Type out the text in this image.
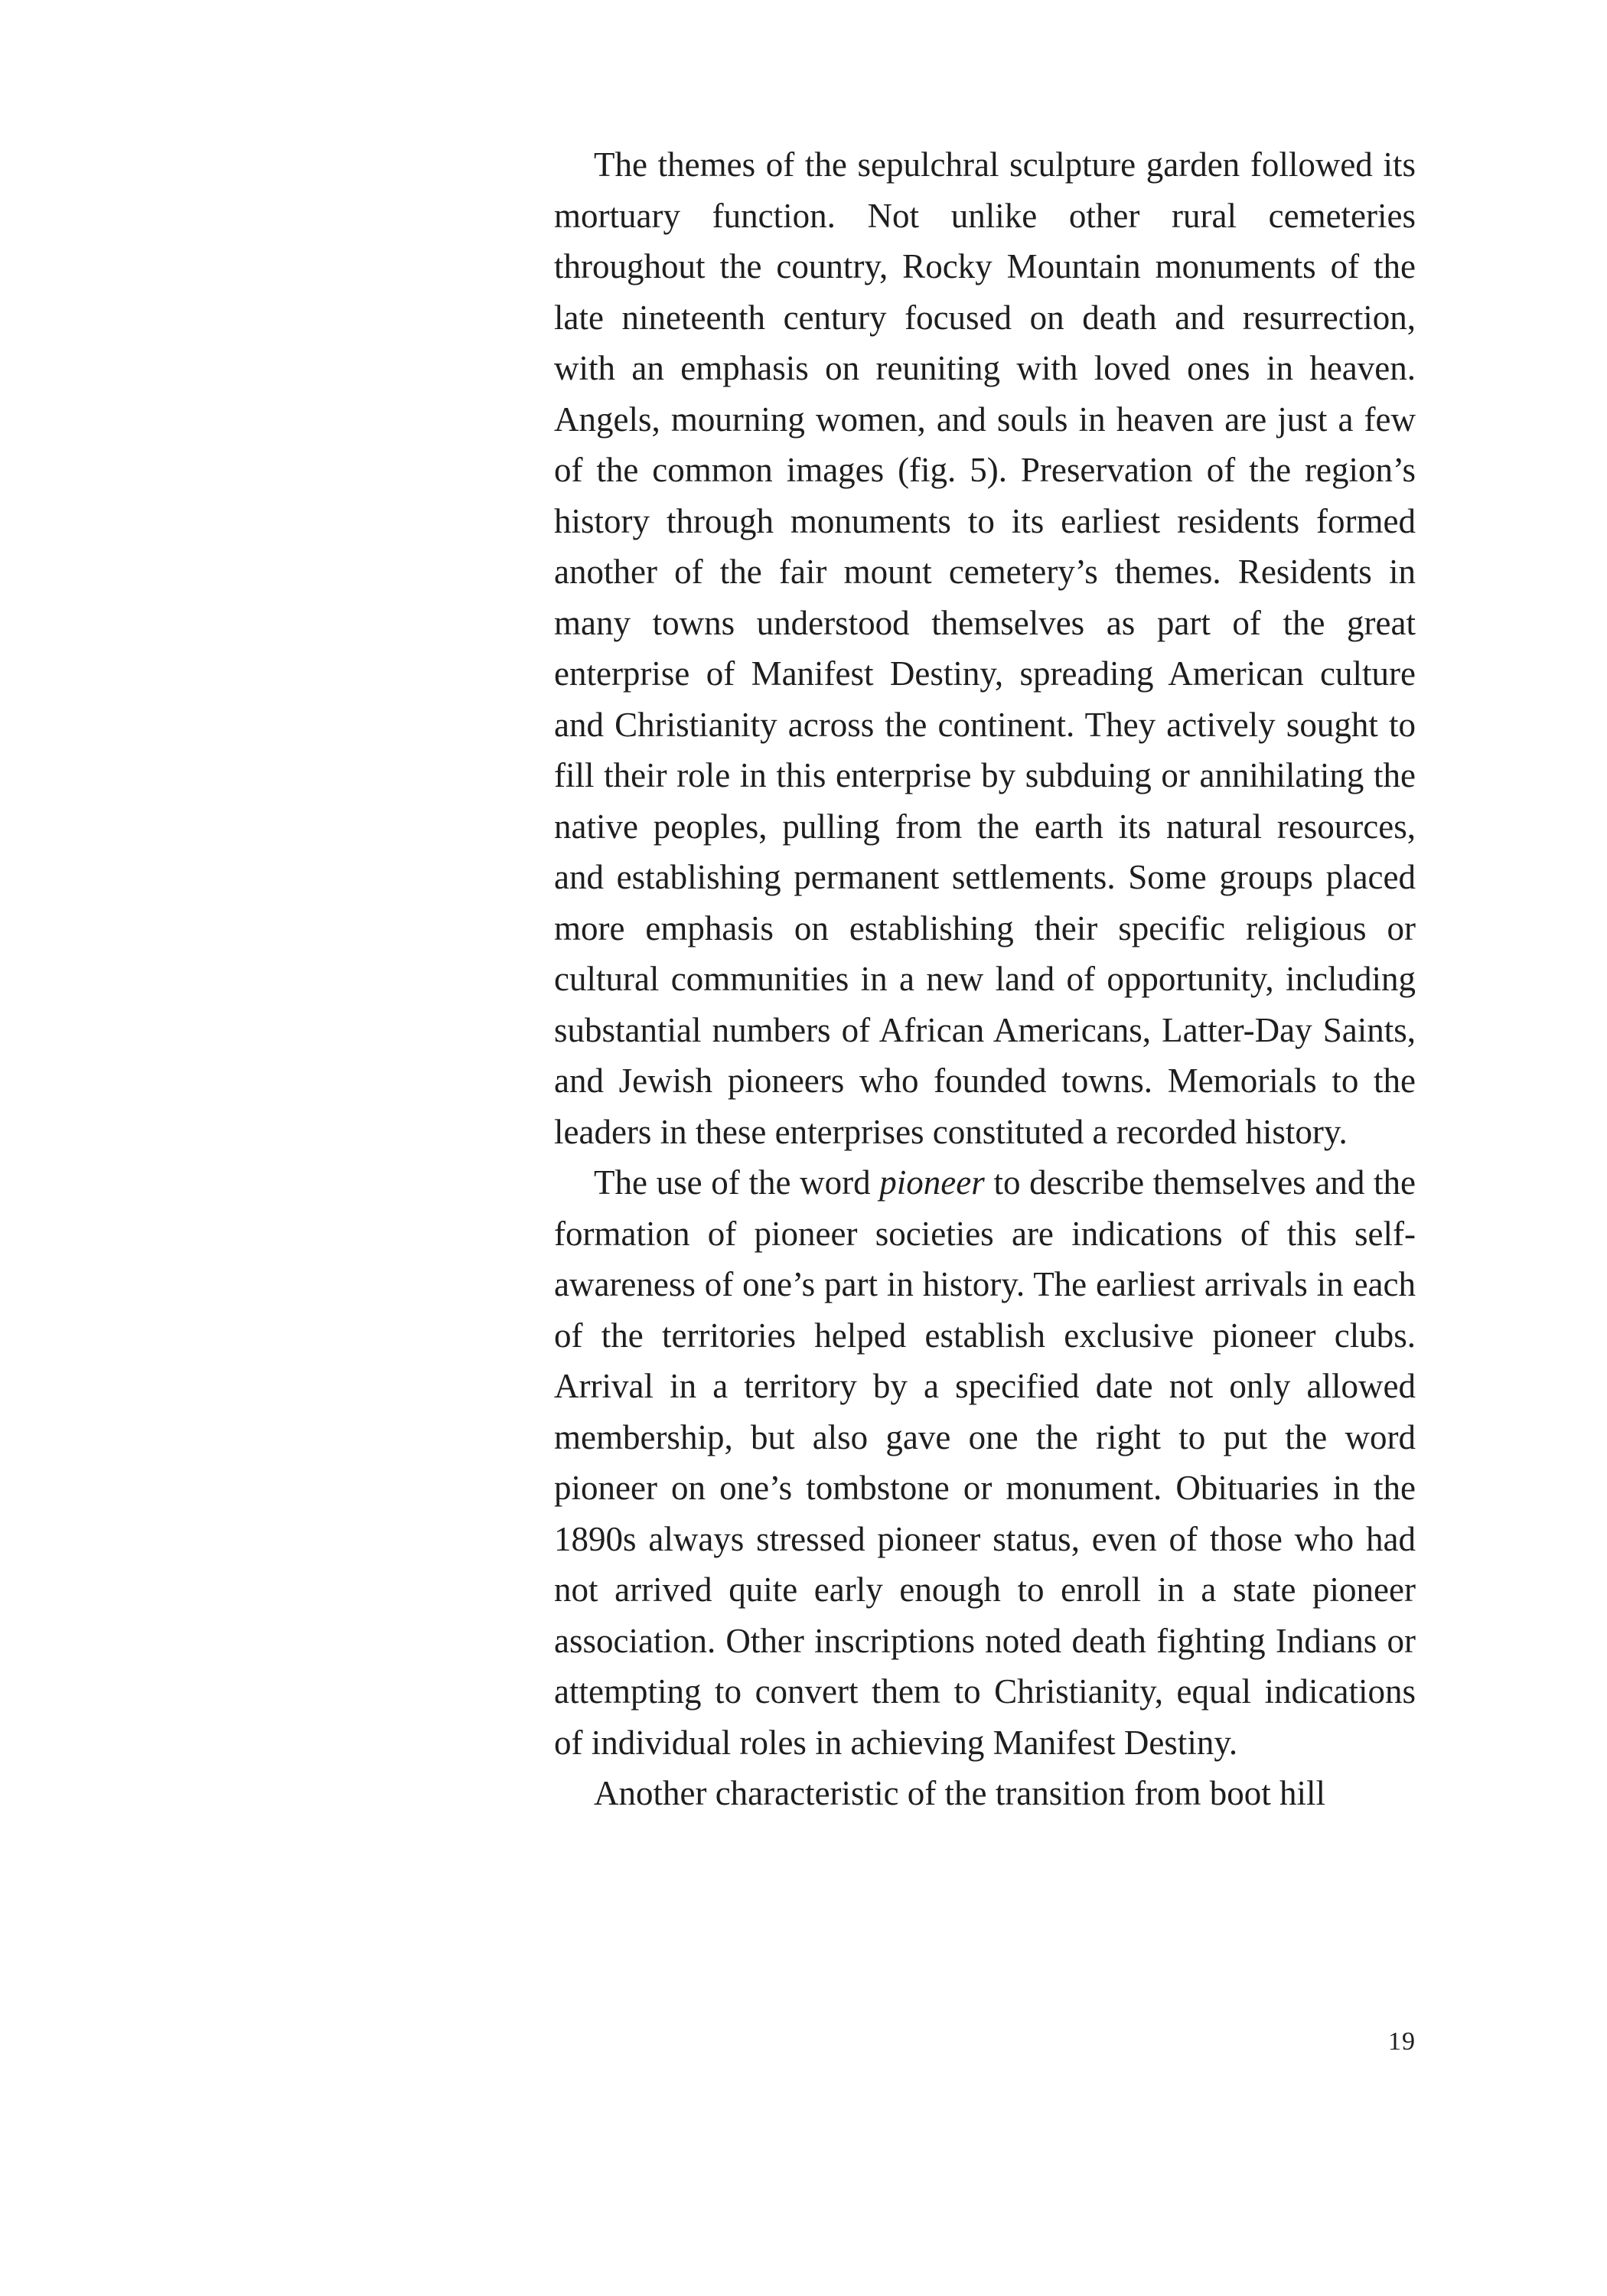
The themes of the sepulchral sculpture garden followed its mortuary function. Not unlike other rural cemeteries throughout the country, Rocky Mountain monuments of the late nineteenth century focused on death and resurrection, with an emphasis on reuniting with loved ones in heaven. Angels, mourning women, and souls in heaven are just a few of the common images (fig. 5). Preservation of the region’s history through monuments to its earliest residents formed another of the fair mount cemetery’s themes. Residents in many towns understood themselves as part of the great enterprise of Manifest Destiny, spreading American culture and Christianity across the continent. They actively sought to fill their role in this enterprise by subduing or annihilating the native peoples, pulling from the earth its natural resources, and establishing permanent settlements. Some groups placed more emphasis on establishing their specific religious or cultural communities in a new land of opportunity, including substantial numbers of African Americans, Latter-Day Saints, and Jewish pioneers who founded towns. Memorials to the leaders in these enterprises constituted a recorded history.

The use of the word pioneer to describe themselves and the formation of pioneer societies are indications of this self-awareness of one’s part in history. The earliest arrivals in each of the territories helped establish exclusive pioneer clubs. Arrival in a territory by a specified date not only allowed membership, but also gave one the right to put the word pioneer on one’s tombstone or monument. Obituaries in the 1890s always stressed pioneer status, even of those who had not arrived quite early enough to enroll in a state pioneer association. Other inscriptions noted death fighting Indians or attempting to convert them to Christianity, equal indications of individual roles in achieving Manifest Destiny.

Another characteristic of the transition from boot hill

19
